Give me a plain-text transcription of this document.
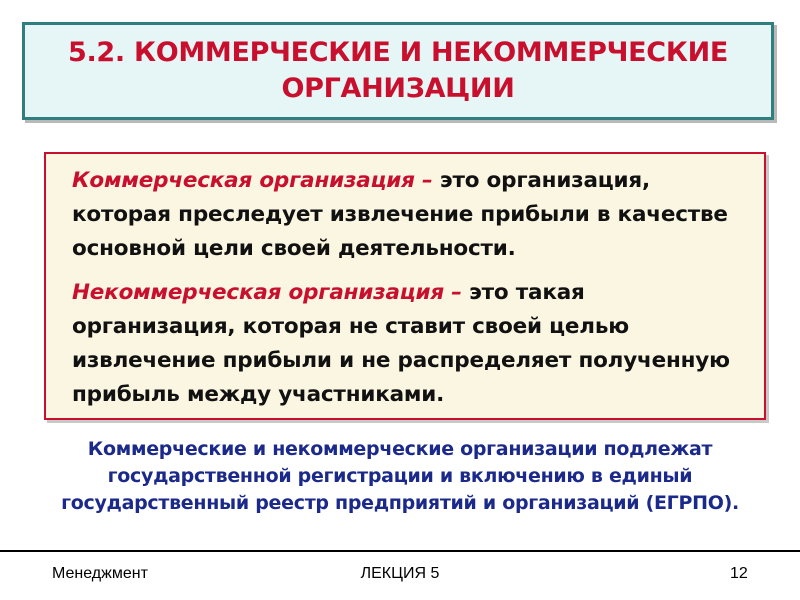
5.2. КОММЕРЧЕСКИЕ И НЕКОММЕРЧЕСКИЕ
ОРГАНИЗАЦИИ

Коммерческая организация – это организация, которая преследует извлечение прибыли в качестве основной цели своей деятельности.

Некоммерческая организация – это такая организация, которая не ставит своей целью извлечение прибыли и не распределяет полученную прибыль между участниками.

Коммерческие и некоммерческие организации подлежат
государственной регистрации и включению в единый
государственный реестр предприятий и организаций (ЕГРПО).
Менеджмент	ЛЕКЦИЯ 5	12
